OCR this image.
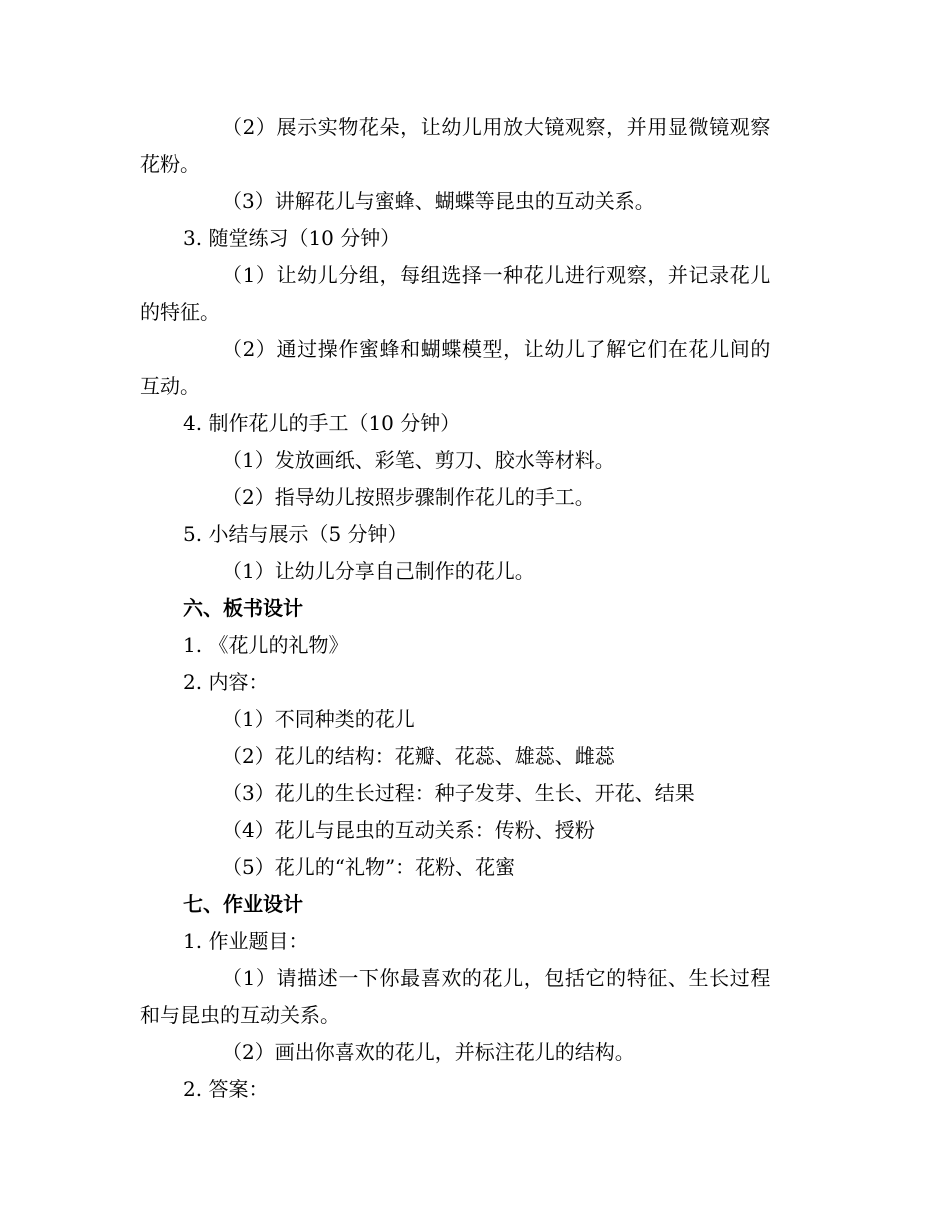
（2）展示实物花朵，让幼儿用放大镜观察，并用显微镜观察
花粉。
（3）讲解花儿与蜜蜂、蝴蝶等昆虫的互动关系。
3. 随堂练习（10 分钟）
（1）让幼儿分组，每组选择一种花儿进行观察，并记录花儿
的特征。
（2）通过操作蜜蜂和蝴蝶模型，让幼儿了解它们在花儿间的
互动。
4. 制作花儿的手工（10 分钟）
（1）发放画纸、彩笔、剪刀、胶水等材料。
（2）指导幼儿按照步骤制作花儿的手工。
5. 小结与展示（5 分钟）
（1）让幼儿分享自己制作的花儿。
六、板书设计
1. 《花儿的礼物》
2. 内容：
（1）不同种类的花儿
（2）花儿的结构：花瓣、花蕊、雄蕊、雌蕊
（3）花儿的生长过程：种子发芽、生长、开花、结果
（4）花儿与昆虫的互动关系：传粉、授粉
（5）花儿的“礼物”：花粉、花蜜
七、作业设计
1. 作业题目：
（1）请描述一下你最喜欢的花儿，包括它的特征、生长过程
和与昆虫的互动关系。
（2）画出你喜欢的花儿，并标注花儿的结构。
2. 答案：
